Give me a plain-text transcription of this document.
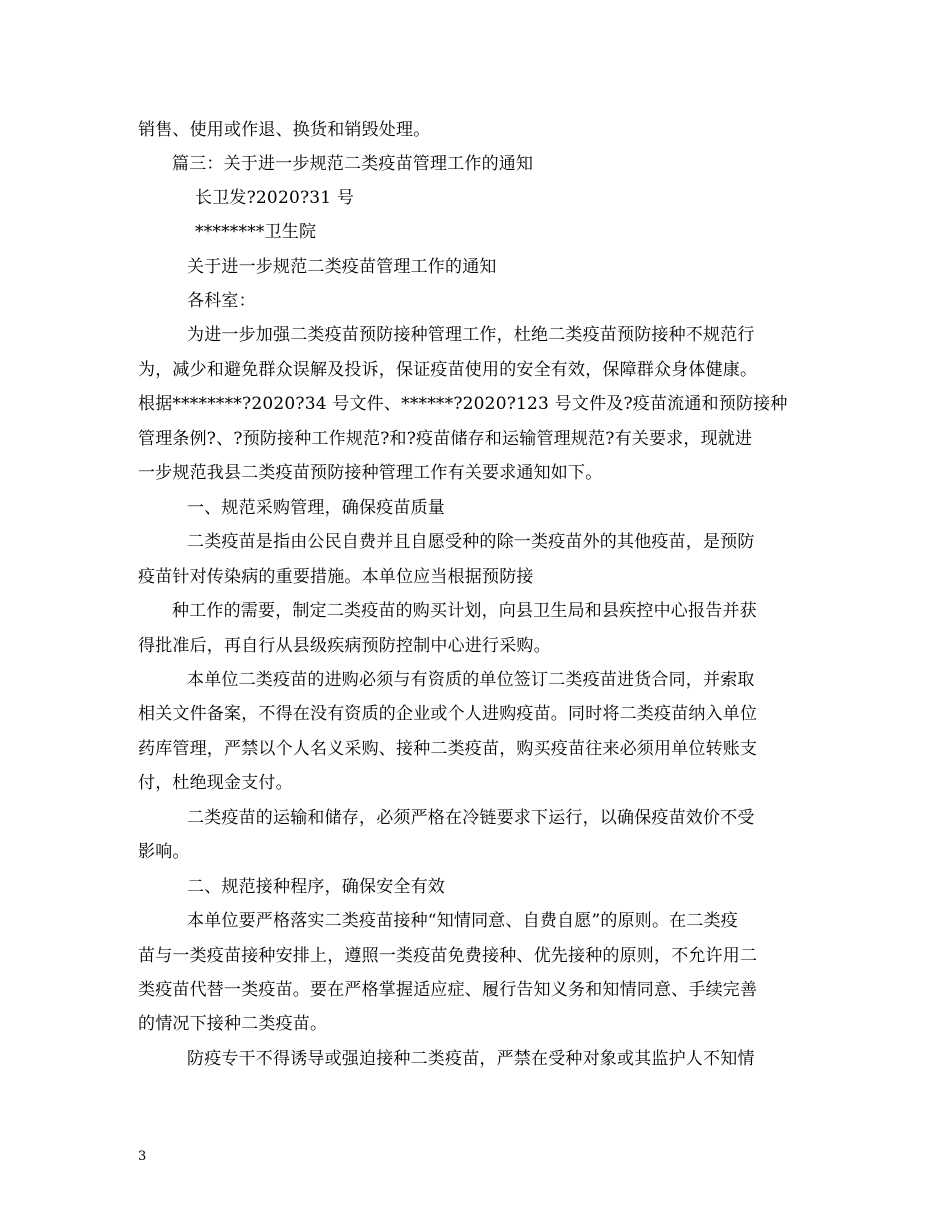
销售、使用或作退、换货和销毁处理。
篇三：关于进一步规范二类疫苗管理工作的通知
长卫发?2020?31 号
********卫生院
关于进一步规范二类疫苗管理工作的通知
各科室：
为进一步加强二类疫苗预防接种管理工作，杜绝二类疫苗预防接种不规范行
为，减少和避免群众误解及投诉，保证疫苗使用的安全有效，保障群众身体健康。
根据********?2020?34 号文件、******?2020?123 号文件及?疫苗流通和预防接种
管理条例?、?预防接种工作规范?和?疫苗储存和运输管理规范?有关要求，现就进
一步规范我县二类疫苗预防接种管理工作有关要求通知如下。
一、规范采购管理，确保疫苗质量
二类疫苗是指由公民自费并且自愿受种的除一类疫苗外的其他疫苗，是预防
疫苗针对传染病的重要措施。本单位应当根据预防接
种工作的需要，制定二类疫苗的购买计划，向县卫生局和县疾控中心报告并获
得批准后，再自行从县级疾病预防控制中心进行采购。
本单位二类疫苗的进购必须与有资质的单位签订二类疫苗进货合同，并索取
相关文件备案，不得在没有资质的企业或个人进购疫苗。同时将二类疫苗纳入单位
药库管理，严禁以个人名义采购、接种二类疫苗，购买疫苗往来必须用单位转账支
付，杜绝现金支付。
二类疫苗的运输和储存，必须严格在冷链要求下运行，以确保疫苗效价不受
影响。
二、规范接种程序，确保安全有效
本单位要严格落实二类疫苗接种“知情同意、自费自愿”的原则。在二类疫
苗与一类疫苗接种安排上，遵照一类疫苗免费接种、优先接种的原则，不允许用二
类疫苗代替一类疫苗。要在严格掌握适应症、履行告知义务和知情同意、手续完善
的情况下接种二类疫苗。
防疫专干不得诱导或强迫接种二类疫苗，严禁在受种对象或其监护人不知情
3
